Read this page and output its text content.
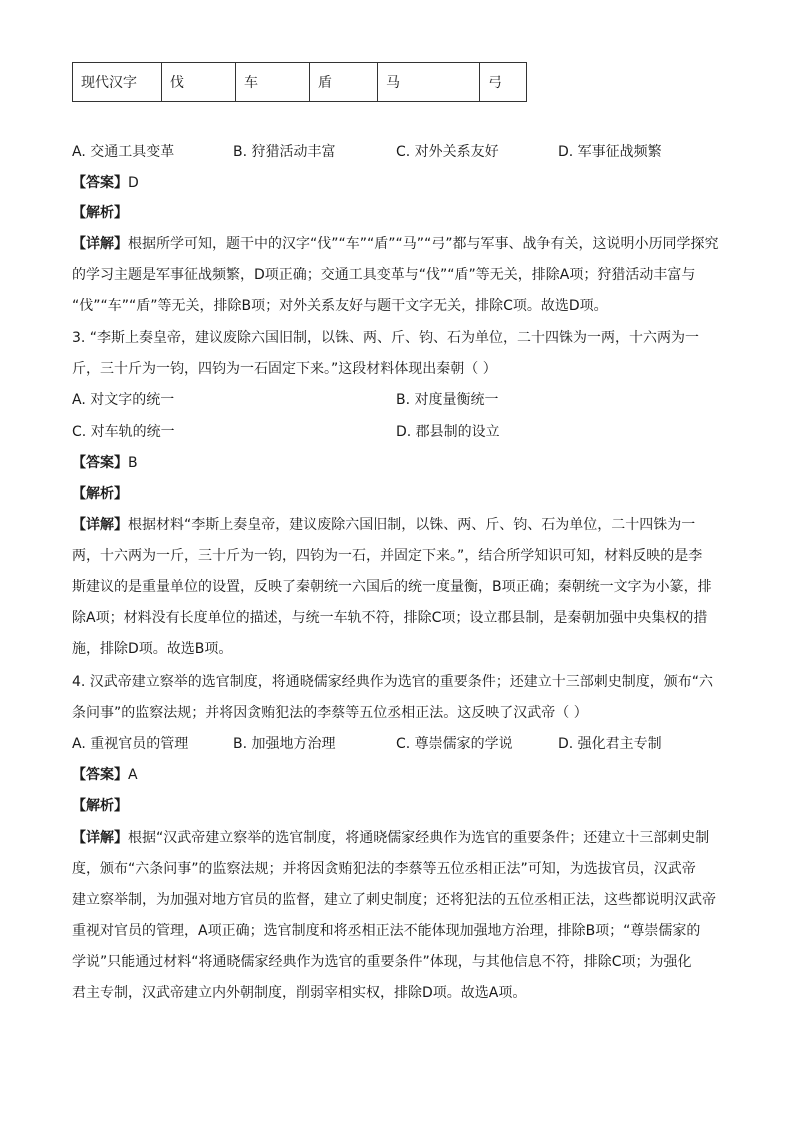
现代汉字	伐	车	盾	马	弓
A. 交通工具变革	B. 狩猎活动丰富	C. 对外关系友好	D. 军事征战频繁
【答案】D
【解析】
【详解】根据所学可知，题干中的汉字“伐”“车”“盾”“马”“弓”都与军事、战争有关，这说明小历同学探究
的学习主题是军事征战频繁，D项正确；交通工具变革与“伐”“盾”等无关，排除A项；狩猎活动丰富与
“伐”“车”“盾”等无关，排除B项；对外关系友好与题干文字无关，排除C项。故选D项。
3. “李斯上奏皇帝，建议废除六国旧制，以铢、两、斤、钧、石为单位，二十四铢为一两，十六两为一
斤，三十斤为一钧，四钧为一石固定下来。”这段材料体现出秦朝（ ）
A. 对文字的统一	B. 对度量衡统一
C. 对车轨的统一	D. 郡县制的设立
【答案】B
【解析】
【详解】根据材料“李斯上奏皇帝，建议废除六国旧制，以铢、两、斤、钧、石为单位，二十四铢为一
两，十六两为一斤，三十斤为一钧，四钧为一石，并固定下来。”，结合所学知识可知，材料反映的是李
斯建议的是重量单位的设置，反映了秦朝统一六国后的统一度量衡，B项正确；秦朝统一文字为小篆，排
除A项；材料没有长度单位的描述，与统一车轨不符，排除C项；设立郡县制，是秦朝加强中央集权的措
施，排除D项。故选B项。
4. 汉武帝建立察举的选官制度，将通晓儒家经典作为选官的重要条件；还建立十三部刺史制度，颁布“六
条问事”的监察法规；并将因贪贿犯法的李蔡等五位丞相正法。这反映了汉武帝（ ）
A. 重视官员的管理	B. 加强地方治理	C. 尊崇儒家的学说	D. 强化君主专制
【答案】A
【解析】
【详解】根据“汉武帝建立察举的选官制度，将通晓儒家经典作为选官的重要条件；还建立十三部刺史制
度，颁布“六条问事”的监察法规；并将因贪贿犯法的李蔡等五位丞相正法”可知，为选拔官员，汉武帝
建立察举制，为加强对地方官员的监督，建立了刺史制度；还将犯法的五位丞相正法，这些都说明汉武帝
重视对官员的管理，A项正确；选官制度和将丞相正法不能体现加强地方治理，排除B项；“尊崇儒家的
学说”只能通过材料“将通晓儒家经典作为选官的重要条件”体现，与其他信息不符，排除C项；为强化
君主专制，汉武帝建立内外朝制度，削弱宰相实权，排除D项。故选A项。
